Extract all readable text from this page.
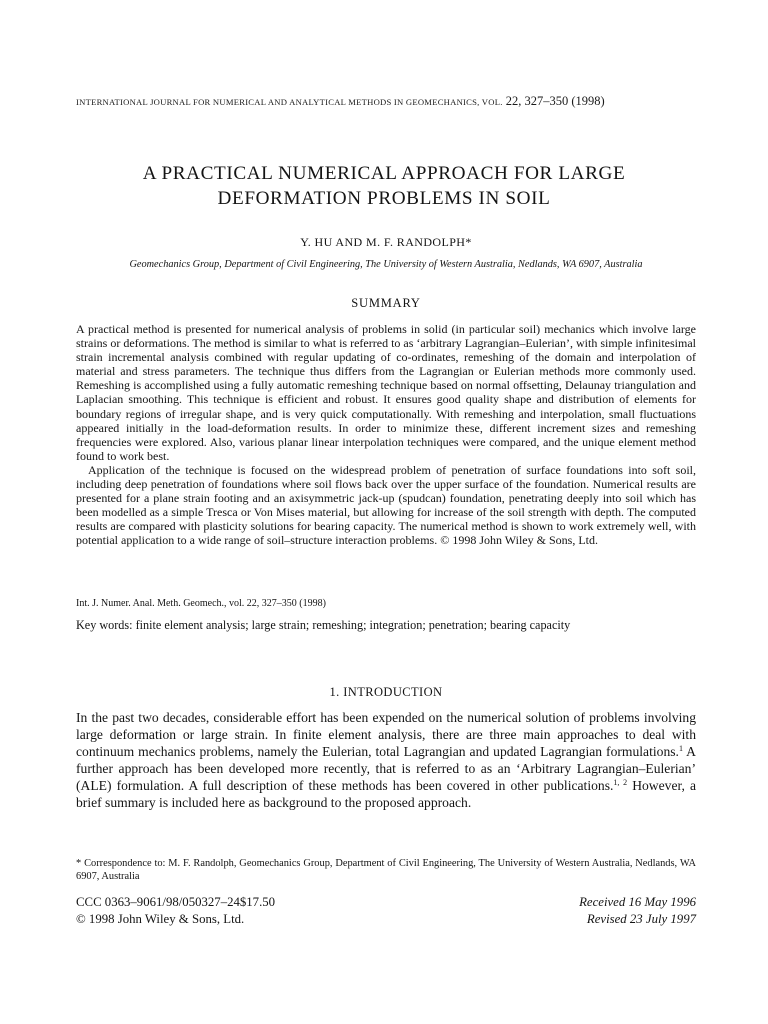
INTERNATIONAL JOURNAL FOR NUMERICAL AND ANALYTICAL METHODS IN GEOMECHANICS, VOL. 22, 327–350 (1998)
A PRACTICAL NUMERICAL APPROACH FOR LARGE
DEFORMATION PROBLEMS IN SOIL
Y. HU AND M. F. RANDOLPH*
Geomechanics Group, Department of Civil Engineering, The University of Western Australia, Nedlands, WA 6907, Australia
SUMMARY

A practical method is presented for numerical analysis of problems in solid (in particular soil) mechanics which involve large strains or deformations. The method is similar to what is referred to as ‘arbitrary Lagrangian–Eulerian’, with simple infinitesimal strain incremental analysis combined with regular updating of co-ordinates, remeshing of the domain and interpolation of material and stress parameters. The technique thus differs from the Lagrangian or Eulerian methods more commonly used. Remeshing is accomplished using a fully automatic remeshing technique based on normal offsetting, Delaunay triangulation and Laplacian smoothing. This technique is efficient and robust. It ensures good quality shape and distribution of elements for boundary regions of irregular shape, and is very quick computationally. With remeshing and interpolation, small fluctuations appeared initially in the load-deformation results. In order to minimize these, different increment sizes and remeshing frequencies were explored. Also, various planar linear interpolation techniques were compared, and the unique element method found to work best.

Application of the technique is focused on the widespread problem of penetration of surface foundations into soft soil, including deep penetration of foundations where soil flows back over the upper surface of the foundation. Numerical results are presented for a plane strain footing and an axisymmetric jack-up (spudcan) foundation, penetrating deeply into soil which has been modelled as a simple Tresca or Von Mises material, but allowing for increase of the soil strength with depth. The computed results are compared with plasticity solutions for bearing capacity. The numerical method is shown to work extremely well, with potential application to a wide range of soil–structure interaction problems. © 1998 John Wiley & Sons, Ltd.

Int. J. Numer. Anal. Meth. Geomech., vol. 22, 327–350 (1998)
Key words: finite element analysis; large strain; remeshing; integration; penetration; bearing capacity
1. INTRODUCTION

In the past two decades, considerable effort has been expended on the numerical solution of problems involving large deformation or large strain. In finite element analysis, there are three main approaches to deal with continuum mechanics problems, namely the Eulerian, total Lagrangian and updated Lagrangian formulations.$^1$ A further approach has been developed more recently, that is referred to as an ‘Arbitrary Lagrangian–Eulerian’ (ALE) formulation. A full description of these methods has been covered in other publications.$^{1, 2}$ However, a brief summary is included here as background to the proposed approach.

* Correspondence to: M. F. Randolph, Geomechanics Group, Department of Civil Engineering, The University of Western Australia, Nedlands, WA 6907, Australia
CCC 0363–9061/98/050327–24$17.50
© 1998 John Wiley & Sons, Ltd.
Received 16 May 1996
Revised 23 July 1997
